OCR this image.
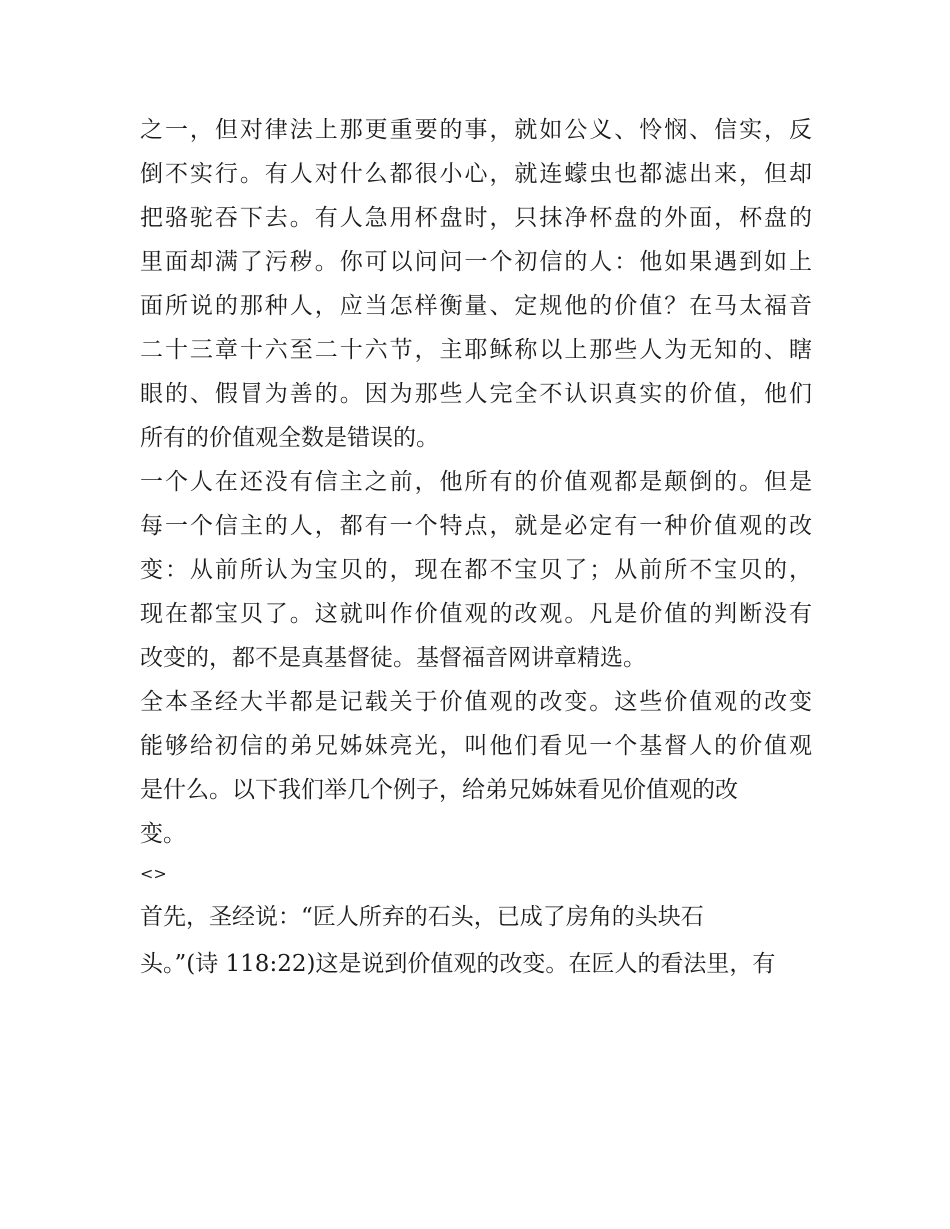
之一，但对律法上那更重要的事，就如公义、怜悯、信实，反
倒不实行。有人对什么都很小心，就连蠓虫也都滤出来，但却
把骆驼吞下去。有人急用杯盘时，只抹净杯盘的外面，杯盘的
里面却满了污秽。你可以问问一个初信的人：他如果遇到如上
面所说的那种人，应当怎样衡量、定规他的价值？在马太福音
二十三章十六至二十六节，主耶稣称以上那些人为无知的、瞎
眼的、假冒为善的。因为那些人完全不认识真实的价值，他们
所有的价值观全数是错误的。
一个人在还没有信主之前，他所有的价值观都是颠倒的。但是
每一个信主的人，都有一个特点，就是必定有一种价值观的改
变：从前所认为宝贝的，现在都不宝贝了；从前所不宝贝的，
现在都宝贝了。这就叫作价值观的改观。凡是价值的判断没有
改变的，都不是真基督徒。基督福音网讲章精选。
全本圣经大半都是记载关于价值观的改变。这些价值观的改变
能够给初信的弟兄姊妹亮光，叫他们看见一个基督人的价值观
是什么。以下我们举几个例子，给弟兄姊妹看见价值观的改
变。
<>
首先，圣经说：“匠人所弃的石头，已成了房角的头块石
头。”(诗 118:22)这是说到价值观的改变。在匠人的看法里，有
